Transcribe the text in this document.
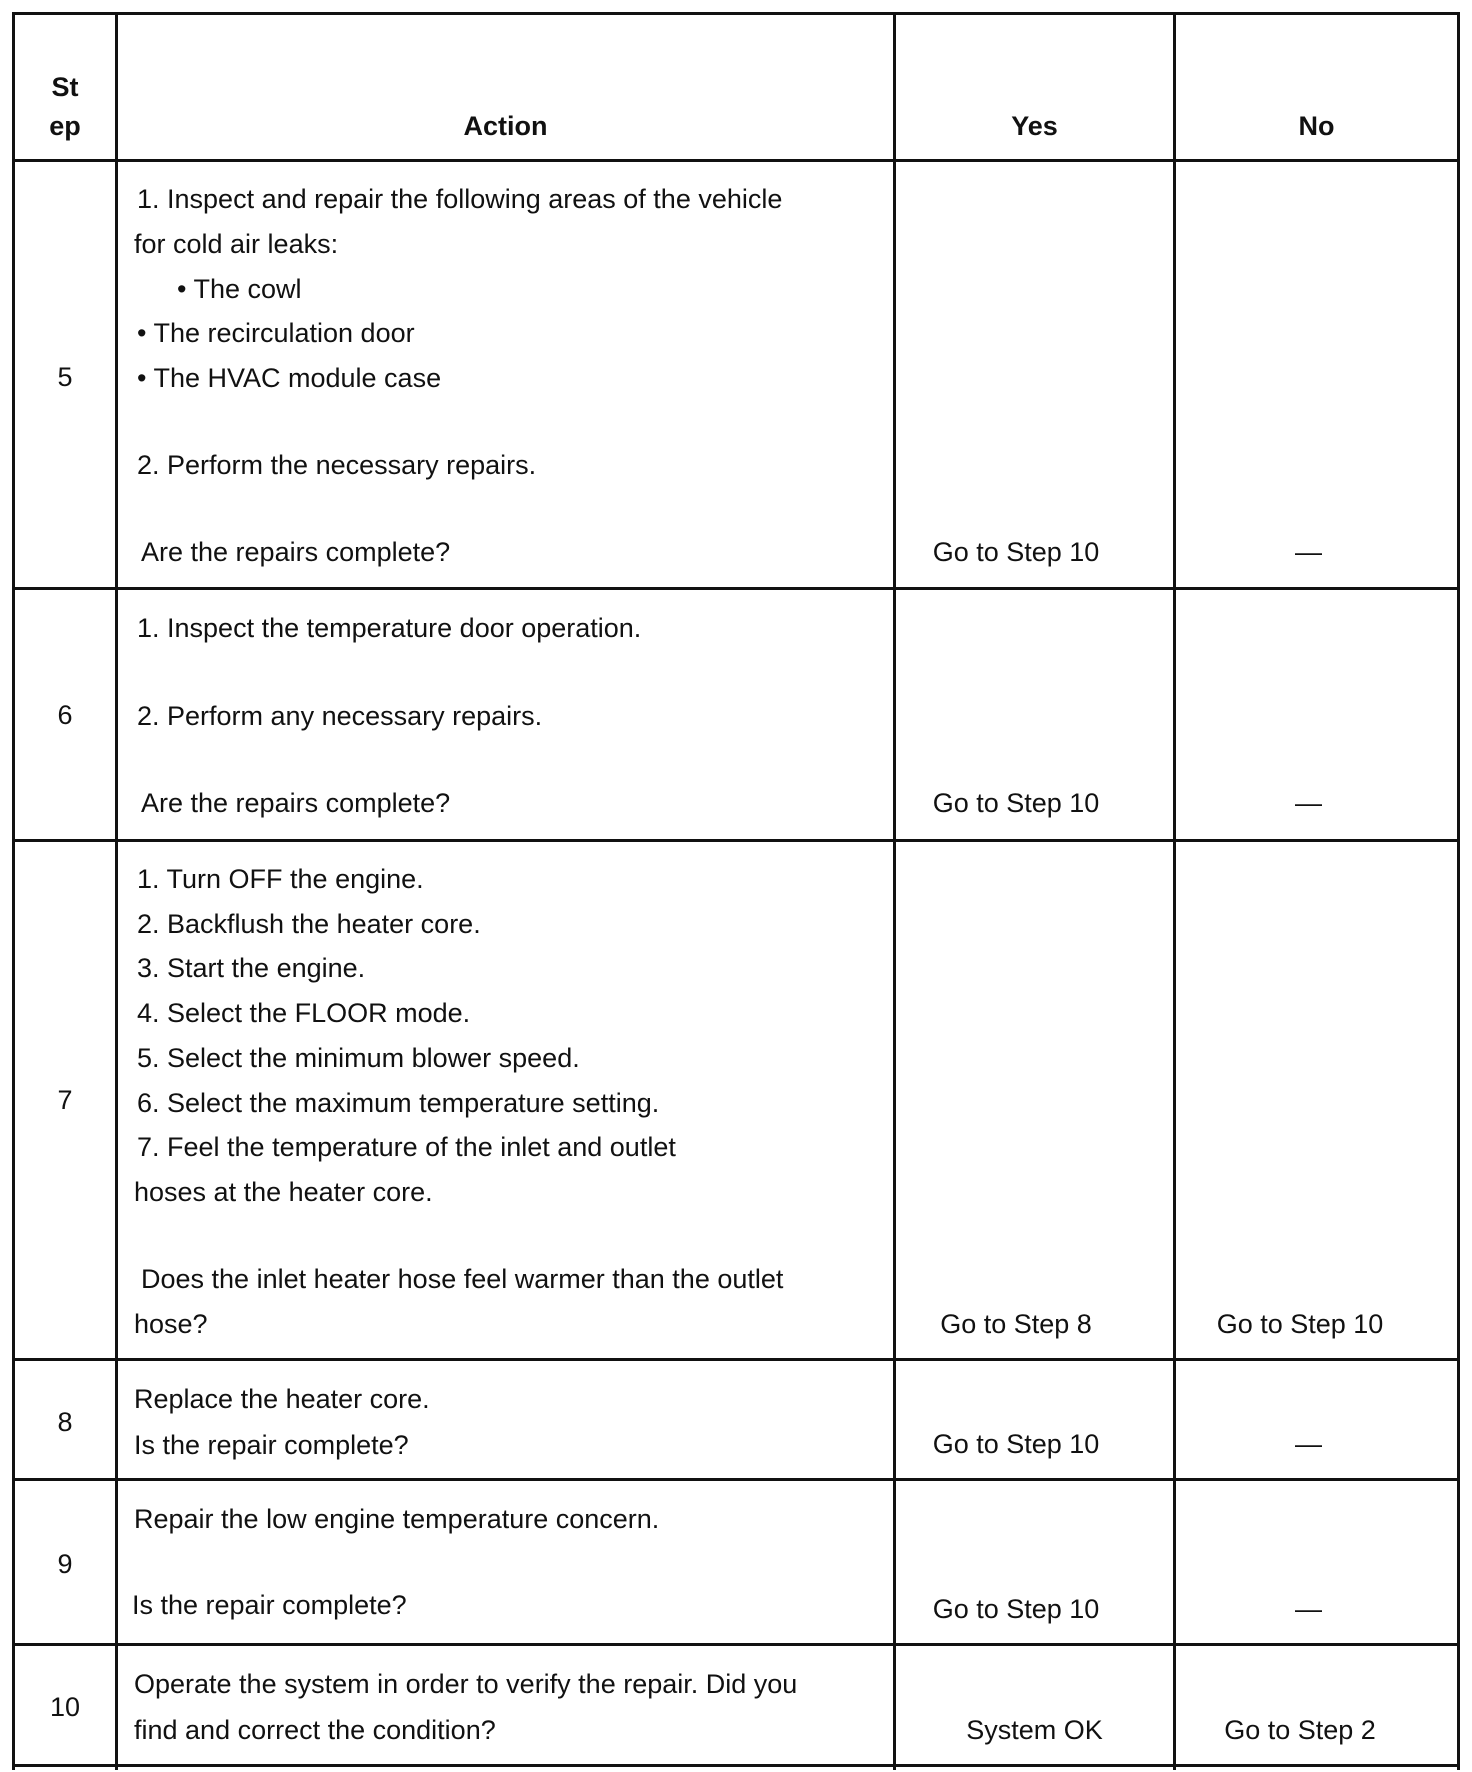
St
ep	Action	Yes	No
5
1. Inspect and repair the following areas of the vehicle
for cold air leaks:
• The cowl
• The recirculation door
• The HVAC module case
2. Perform the necessary repairs.
Are the repairs complete?	Go to Step 10	—
6
1. Inspect the temperature door operation.
2. Perform any necessary repairs.
Are the repairs complete?	Go to Step 10	—
7
1. Turn OFF the engine.
2. Backflush the heater core.
3. Start the engine.
4. Select the FLOOR mode.
5. Select the minimum blower speed.
6. Select the maximum temperature setting.
7. Feel the temperature of the inlet and outlet
hoses at the heater core.
Does the inlet heater hose feel warmer than the outlet
hose?	Go to Step 8	Go to Step 10
8
Replace the heater core.
Is the repair complete?	Go to Step 10	—
9
Repair the low engine temperature concern.
Is the repair complete?	Go to Step 10	—
10
Operate the system in order to verify the repair. Did you
find and correct the condition?	System OK	Go to Step 2
